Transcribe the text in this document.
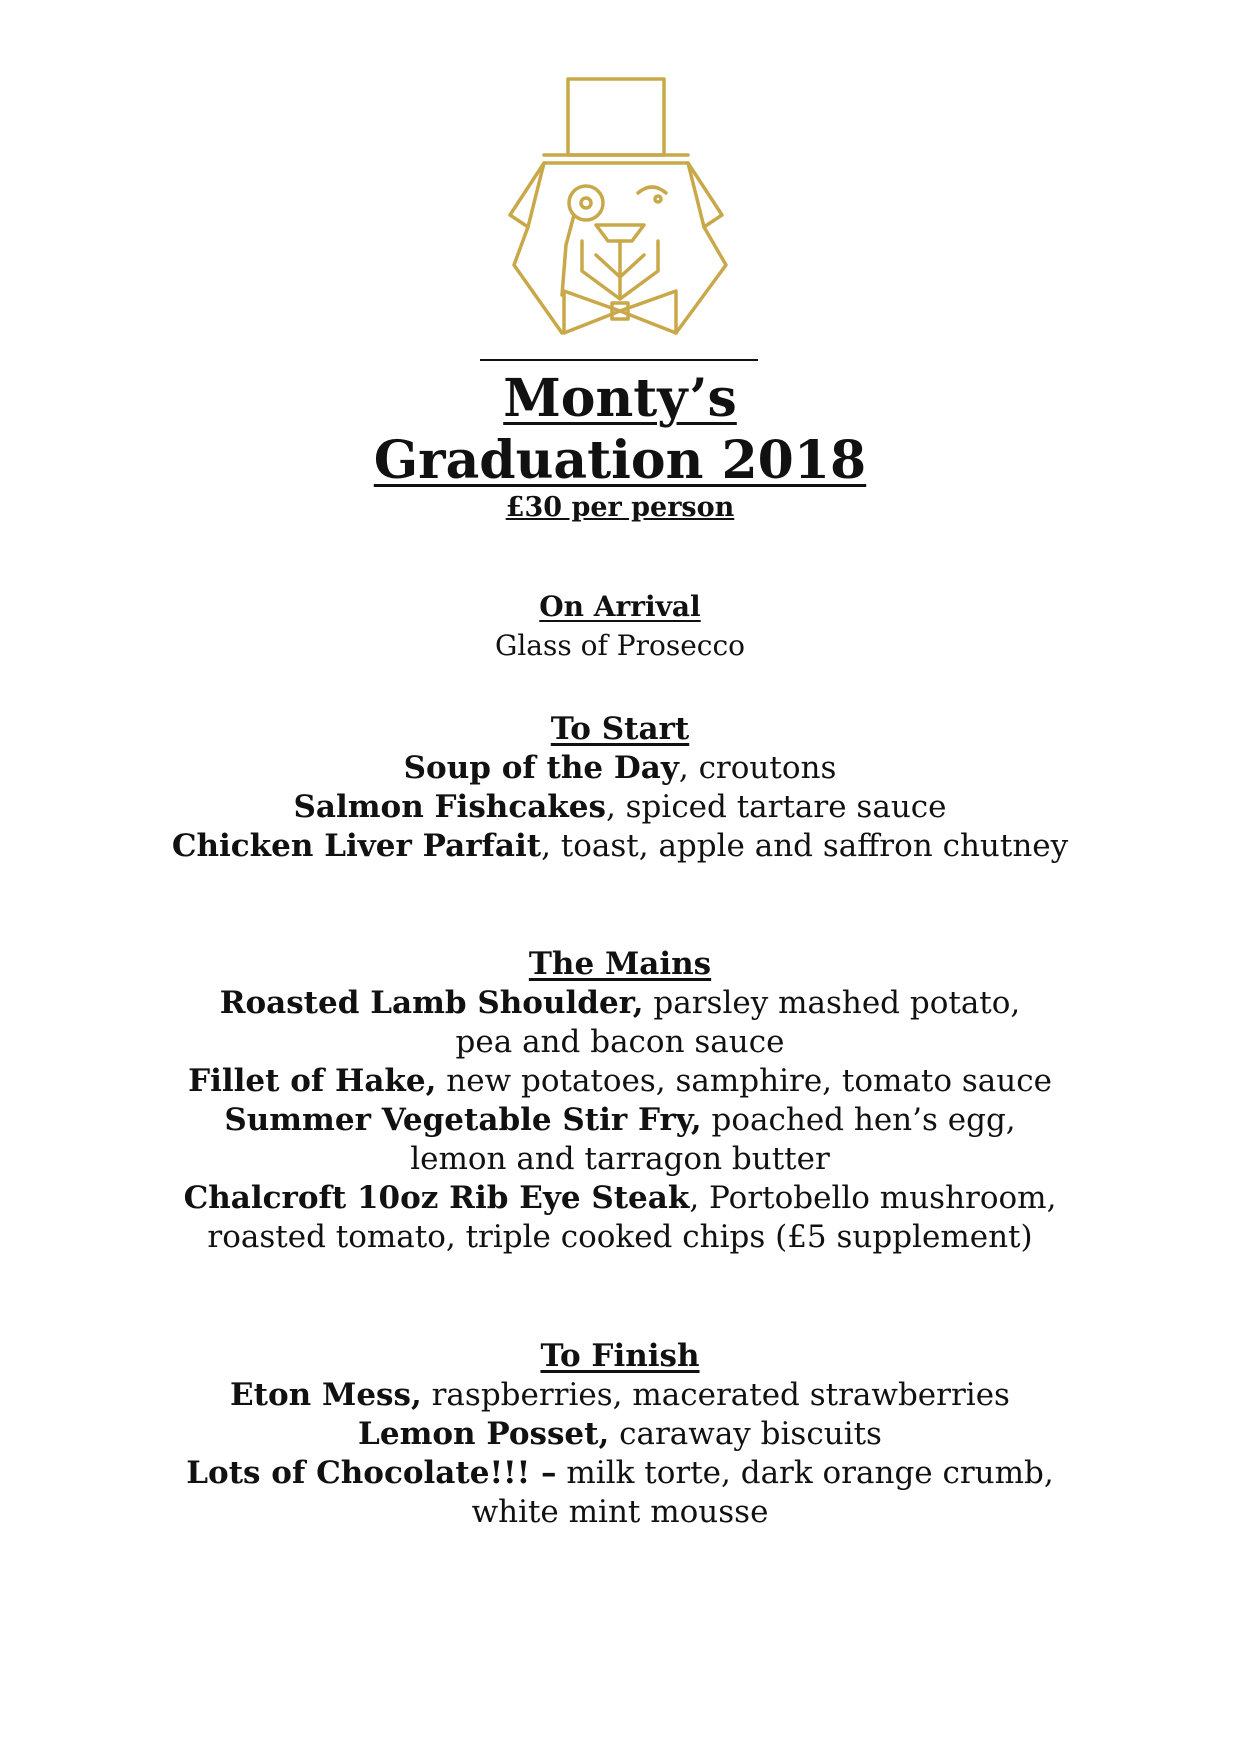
Monty’s
Graduation 2018
£30 per person
On Arrival
Glass of Prosecco
To Start
Soup of the Day, croutons
Salmon Fishcakes, spiced tartare sauce
Chicken Liver Parfait, toast, apple and saffron chutney
The Mains
Roasted Lamb Shoulder, parsley mashed potato,
pea and bacon sauce
Fillet of Hake, new potatoes, samphire, tomato sauce
Summer Vegetable Stir Fry, poached hen’s egg,
lemon and tarragon butter
Chalcroft 10oz Rib Eye Steak, Portobello mushroom,
roasted tomato, triple cooked chips (£5 supplement)
To Finish
Eton Mess, raspberries, macerated strawberries
Lemon Posset, caraway biscuits
Lots of Chocolate!!! – milk torte, dark orange crumb,
white mint mousse
